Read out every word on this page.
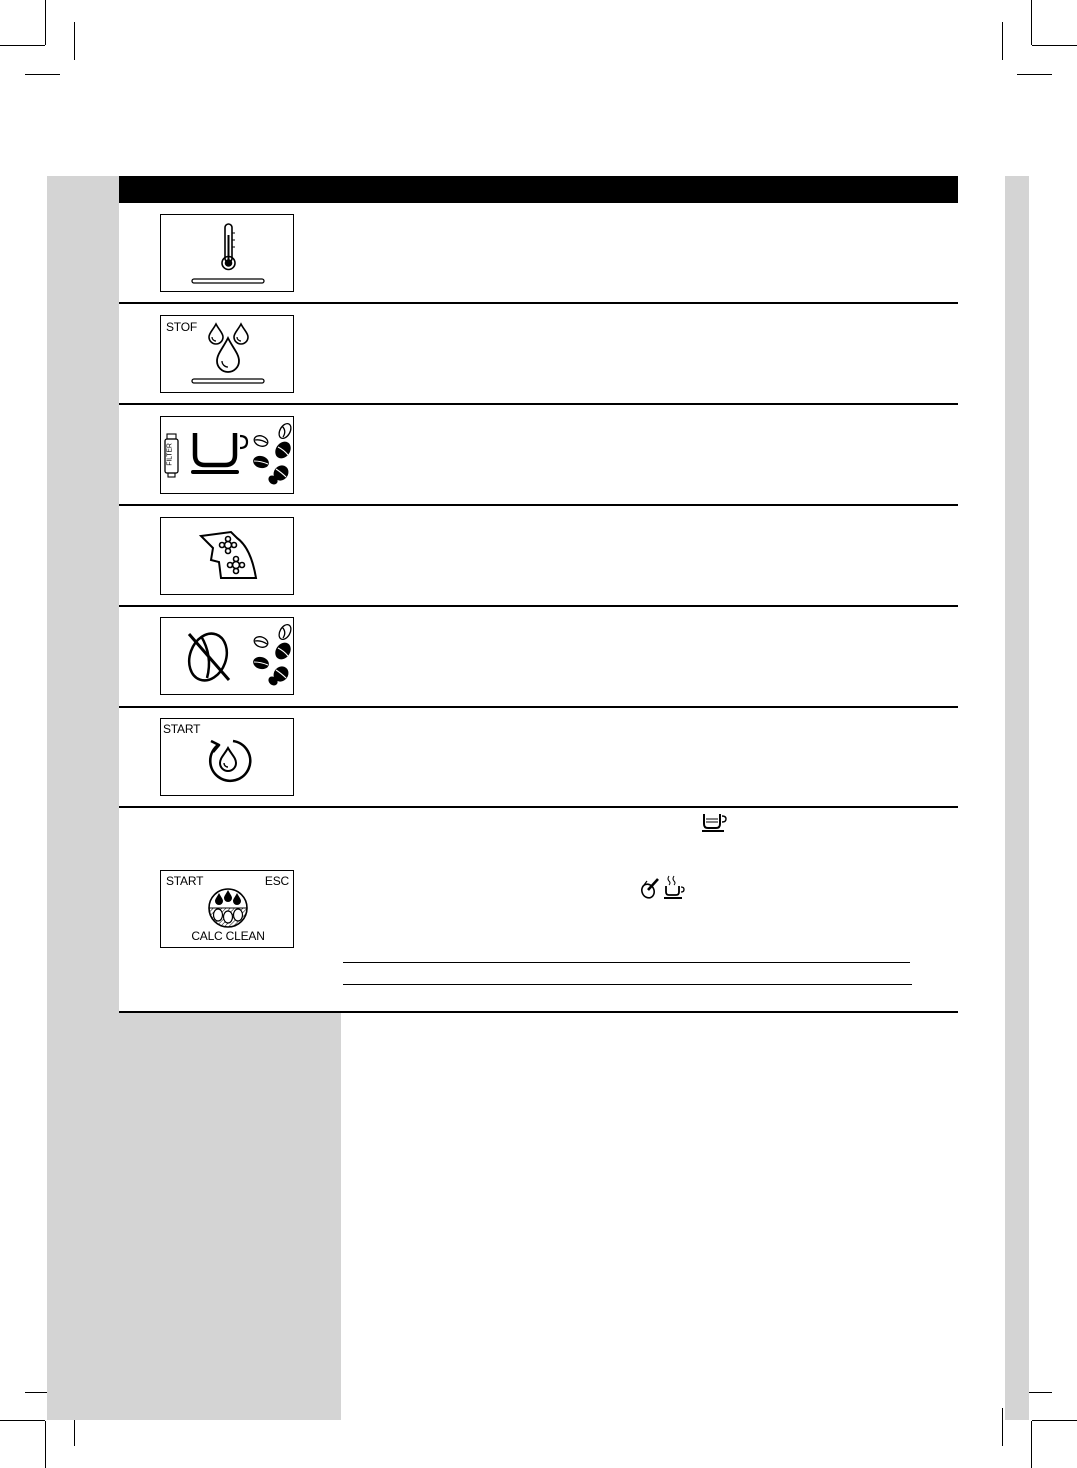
STOF
FILTER
START
START	ESC
CALC CLEAN
